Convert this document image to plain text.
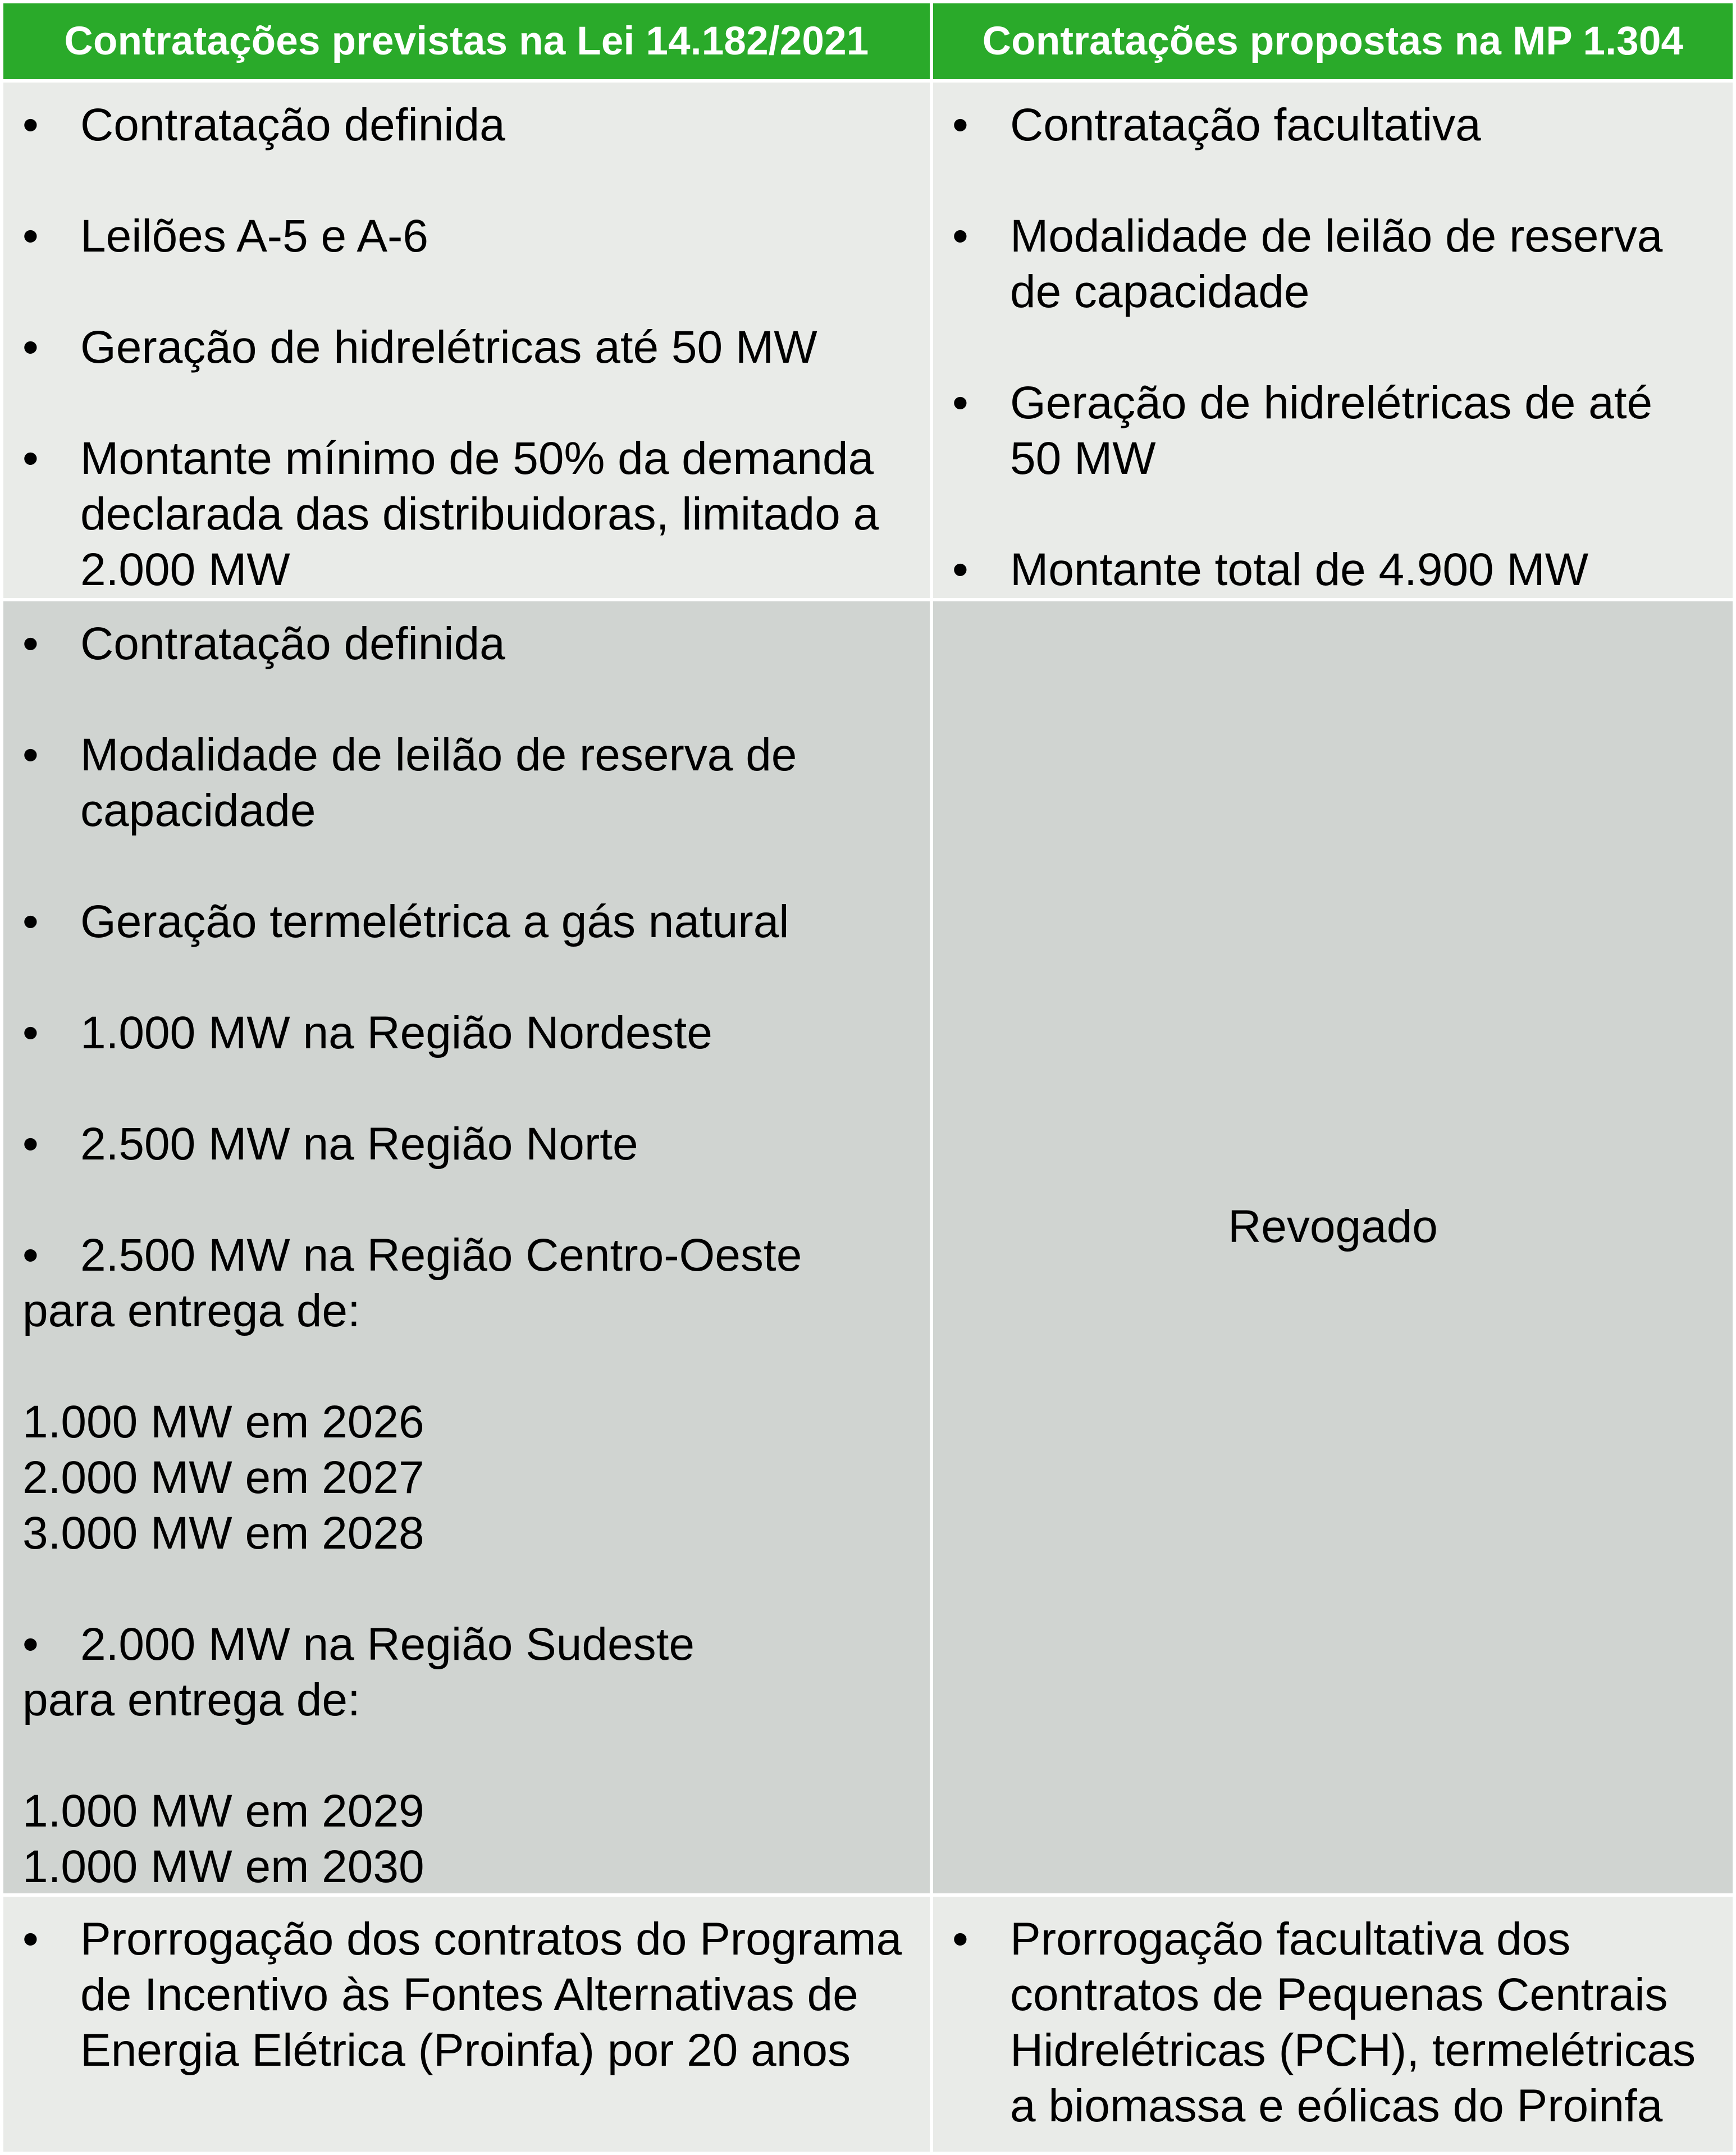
Contratações previstas na Lei 14.182/2021	Contratações propostas na MP 1.304
• Contratação definida
• Leilões A-5 e A-6
• Geração de hidrelétricas até 50 MW
• Montante mínimo de 50% da demanda declarada das distribuidoras, limitado a 2.000 MW
• Contratação facultativa
• Modalidade de leilão de reserva de capacidade
• Geração de hidrelétricas de até 50 MW
• Montante total de 4.900 MW
• Contratação definida
• Modalidade de leilão de reserva de capacidade
• Geração termelétrica a gás natural
• 1.000 MW na Região Nordeste
• 2.500 MW na Região Norte
• 2.500 MW na Região Centro-Oeste
para entrega de:
1.000 MW em 2026
2.000 MW em 2027
3.000 MW em 2028
• 2.000 MW na Região Sudeste
para entrega de:
1.000 MW em 2029
1.000 MW em 2030
Revogado
• Prorrogação dos contratos do Programa de Incentivo às Fontes Alternativas de Energia Elétrica (Proinfa) por 20 anos
• Prorrogação facultativa dos contratos de Pequenas Centrais Hidrelétricas (PCH), termelétricas a biomassa e eólicas do Proinfa
